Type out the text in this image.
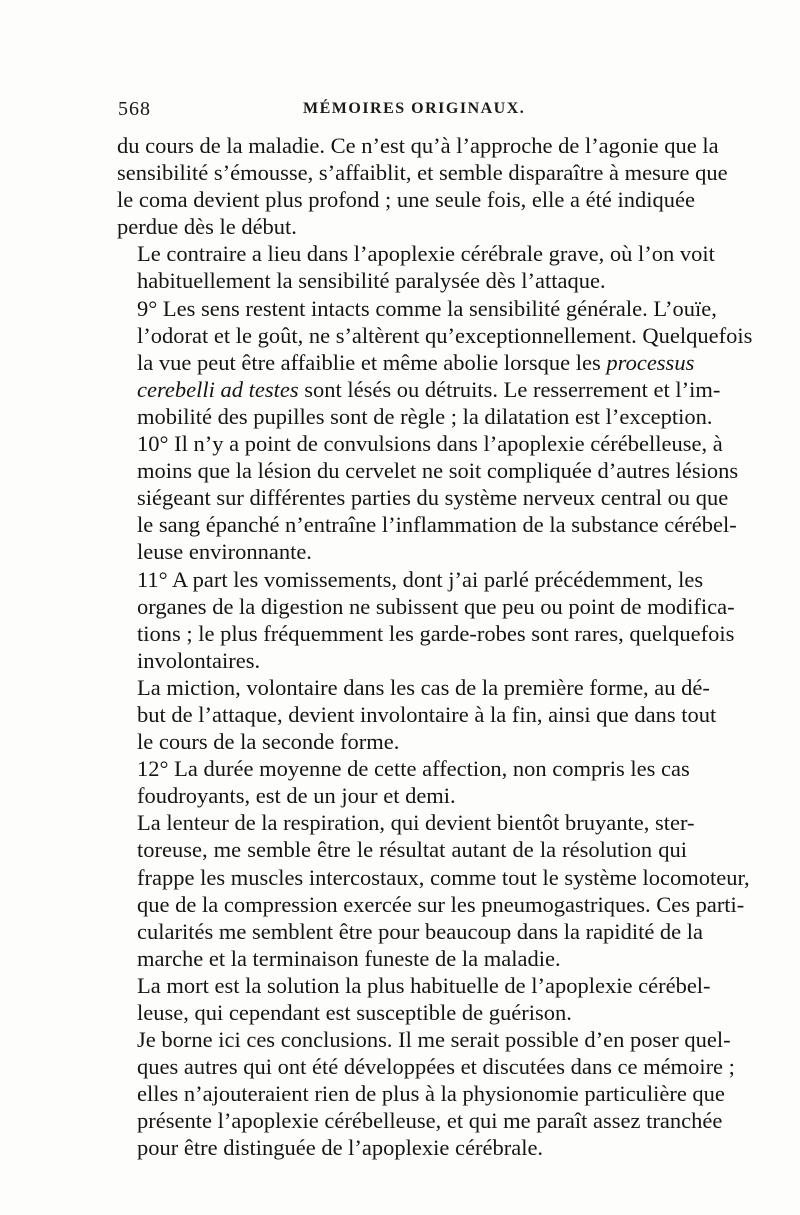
568	MÉMOIRES ORIGINAUX.

du cours de la maladie. Ce n’est qu’à l’approche de l’agonie que la
sensibilité s’émousse, s’affaiblit, et semble disparaître à mesure que
le coma devient plus profond ; une seule fois, elle a été indiquée
perdue dès le début.

Le contraire a lieu dans l’apoplexie cérébrale grave, où l’on voit
habituellement la sensibilité paralysée dès l’attaque.

9° Les sens restent intacts comme la sensibilité générale. L’ouïe,
l’odorat et le goût, ne s’altèrent qu’exceptionnellement. Quelquefois
la vue peut être affaiblie et même abolie lorsque les processus
cerebelli ad testes sont lésés ou détruits. Le resserrement et l’im-
mobilité des pupilles sont de règle ; la dilatation est l’exception.

10° Il n’y a point de convulsions dans l’apoplexie cérébelleuse, à
moins que la lésion du cervelet ne soit compliquée d’autres lésions
siégeant sur différentes parties du système nerveux central ou que
le sang épanché n’entraîne l’inflammation de la substance cérébel-
leuse environnante.

11° A part les vomissements, dont j’ai parlé précédemment, les
organes de la digestion ne subissent que peu ou point de modifica-
tions ; le plus fréquemment les garde-robes sont rares, quelquefois
involontaires.

La miction, volontaire dans les cas de la première forme, au dé-
but de l’attaque, devient involontaire à la fin, ainsi que dans tout
le cours de la seconde forme.

12° La durée moyenne de cette affection, non compris les cas
foudroyants, est de un jour et demi.

La lenteur de la respiration, qui devient bientôt bruyante, ster-
toreuse, me semble être le résultat autant de la résolution qui
frappe les muscles intercostaux, comme tout le système locomoteur,
que de la compression exercée sur les pneumogastriques. Ces parti-
cularités me semblent être pour beaucoup dans la rapidité de la
marche et la terminaison funeste de la maladie.

La mort est la solution la plus habituelle de l’apoplexie cérébel-
leuse, qui cependant est susceptible de guérison.

Je borne ici ces conclusions. Il me serait possible d’en poser quel-
ques autres qui ont été développées et discutées dans ce mémoire ;
elles n’ajouteraient rien de plus à la physionomie particulière que
présente l’apoplexie cérébelleuse, et qui me paraît assez tranchée
pour être distinguée de l’apoplexie cérébrale.
